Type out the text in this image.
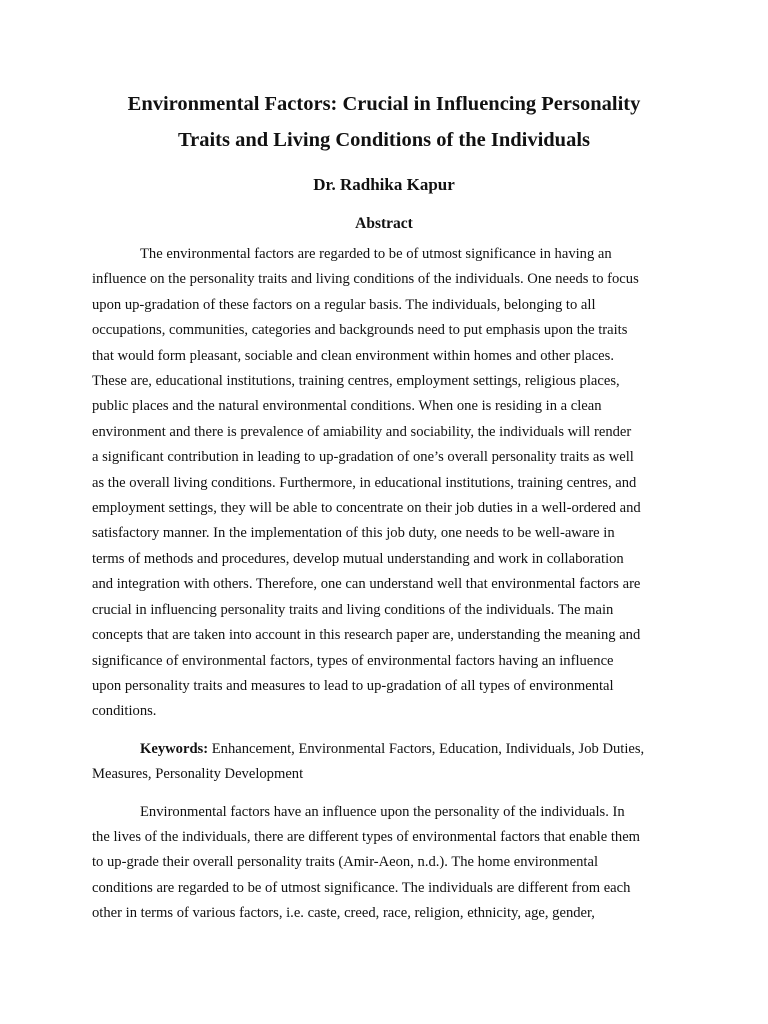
Environmental Factors: Crucial in Influencing Personality
Traits and Living Conditions of the Individuals
Dr. Radhika Kapur
Abstract
The environmental factors are regarded to be of utmost significance in having an
influence on the personality traits and living conditions of the individuals. One needs to focus
upon up-gradation of these factors on a regular basis. The individuals, belonging to all
occupations, communities, categories and backgrounds need to put emphasis upon the traits
that would form pleasant, sociable and clean environment within homes and other places.
These are, educational institutions, training centres, employment settings, religious places,
public places and the natural environmental conditions. When one is residing in a clean
environment and there is prevalence of amiability and sociability, the individuals will render
a significant contribution in leading to up-gradation of one’s overall personality traits as well
as the overall living conditions. Furthermore, in educational institutions, training centres, and
employment settings, they will be able to concentrate on their job duties in a well-ordered and
satisfactory manner. In the implementation of this job duty, one needs to be well-aware in
terms of methods and procedures, develop mutual understanding and work in collaboration
and integration with others. Therefore, one can understand well that environmental factors are
crucial in influencing personality traits and living conditions of the individuals. The main
concepts that are taken into account in this research paper are, understanding the meaning and
significance of environmental factors, types of environmental factors having an influence
upon personality traits and measures to lead to up-gradation of all types of environmental
conditions.
Keywords: Enhancement, Environmental Factors, Education, Individuals, Job Duties,
Measures, Personality Development
Environmental factors have an influence upon the personality of the individuals. In
the lives of the individuals, there are different types of environmental factors that enable them
to up-grade their overall personality traits (Amir-Aeon, n.d.). The home environmental
conditions are regarded to be of utmost significance. The individuals are different from each
other in terms of various factors, i.e. caste, creed, race, religion, ethnicity, age, gender,
